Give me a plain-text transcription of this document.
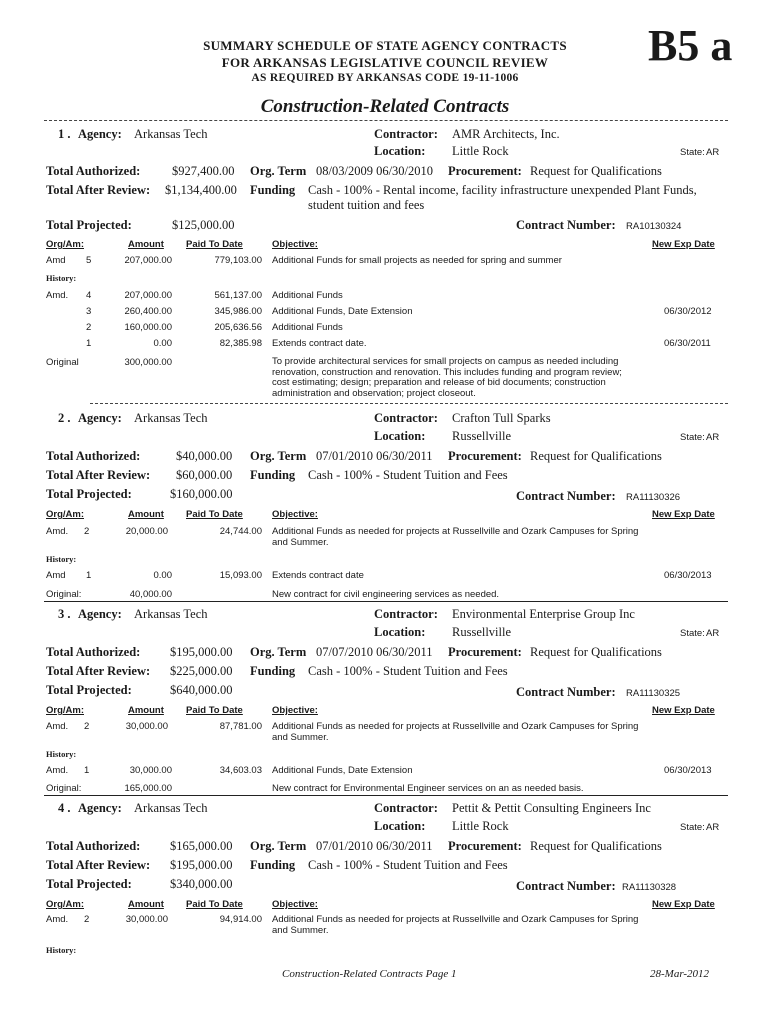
SUMMARY SCHEDULE OF STATE AGENCY CONTRACTS
FOR ARKANSAS LEGISLATIVE COUNCIL REVIEW
AS REQUIRED BY ARKANSAS CODE 19-11-1006
B5 a
Construction-Related Contracts
1 . Agency: Arkansas Tech	Contractor: AMR Architects, Inc.
Location: Little Rock	State: AR
Total Authorized:	$927,400.00 Org. Term 08/03/2009 06/30/2010 Procurement: Request for Qualifications
Total After Review: $1,134,400.00 Funding Cash - 100% - Rental income, facility infrastructure unexpended Plant Funds, student tuition and fees
Total Projected:	$125,000.00	Contract Number: RA10130324
Org/Am:	Amount Paid To Date	Objective:	New Exp Date
Amd 5	207,000.00	779,103.00 Additional Funds for small projects as needed for spring and summer
History:
Amd. 4	207,000.00	561,137.00 Additional Funds
3	260,400.00	345,986.00 Additional Funds, Date Extension	06/30/2012
2	160,000.00	205,636.56 Additional Funds
1	0.00	82,385.98 Extends contract date.	06/30/2011
Original	300,000.00	To provide architectural services for small projects on campus as needed including renovation, construction and renovation. This includes funding and program review; cost estimating; design; preparation and release of bid documents; construction administration and observation; project closeout.
2 . Agency: Arkansas Tech	Contractor: Crafton Tull Sparks
Location: Russellville	State: AR
Total Authorized:	$40,000.00 Org. Term 07/01/2010 06/30/2011 Procurement: Request for Qualifications
Total After Review: $60,000.00 Funding Cash - 100% - Student Tuition and Fees
Total Projected:	$160,000.00	Contract Number: RA11130326
Org/Am:	Amount Paid To Date	Objective:	New Exp Date
Amd. 2	20,000.00	24,744.00 Additional Funds as needed for projects at Russellville and Ozark Campuses for Spring and Summer.
History:
Amd 1	0.00	15,093.00 Extends contract date	06/30/2013
Original:	40,000.00	New contract for civil engineering services as needed.
3 . Agency: Arkansas Tech	Contractor: Environmental Enterprise Group Inc
Location: Russellville	State: AR
Total Authorized: $195,000.00 Org. Term 07/07/2010 06/30/2011 Procurement: Request for Qualifications
Total After Review: $225,000.00 Funding Cash - 100% - Student Tuition and Fees
Total Projected:	$640,000.00	Contract Number: RA11130325
Org/Am:	Amount Paid To Date	Objective:	New Exp Date
Amd. 2	30,000.00	87,781.00 Additional Funds as needed for projects at Russellville and Ozark Campuses for Spring and Summer.
History:
Amd. 1	30,000.00	34,603.03 Additional Funds, Date Extension	06/30/2013
Original:	165,000.00	New contract for Environmental Engineer services on an as needed basis.
4 . Agency: Arkansas Tech	Contractor: Pettit & Pettit Consulting Engineers Inc
Location: Little Rock	State: AR
Total Authorized: $165,000.00 Org. Term 07/01/2010 06/30/2011 Procurement: Request for Qualifications
Total After Review: $195,000.00 Funding Cash - 100% - Student Tuition and Fees
Total Projected:	$340,000.00	Contract Number: RA11130328
Org/Am:	Amount Paid To Date	Objective:	New Exp Date
Amd. 2	30,000.00	94,914.00 Additional Funds as needed for projects at Russellville and Ozark Campuses for Spring and Summer.
History:
Construction-Related Contracts Page 1	28-Mar-2012
